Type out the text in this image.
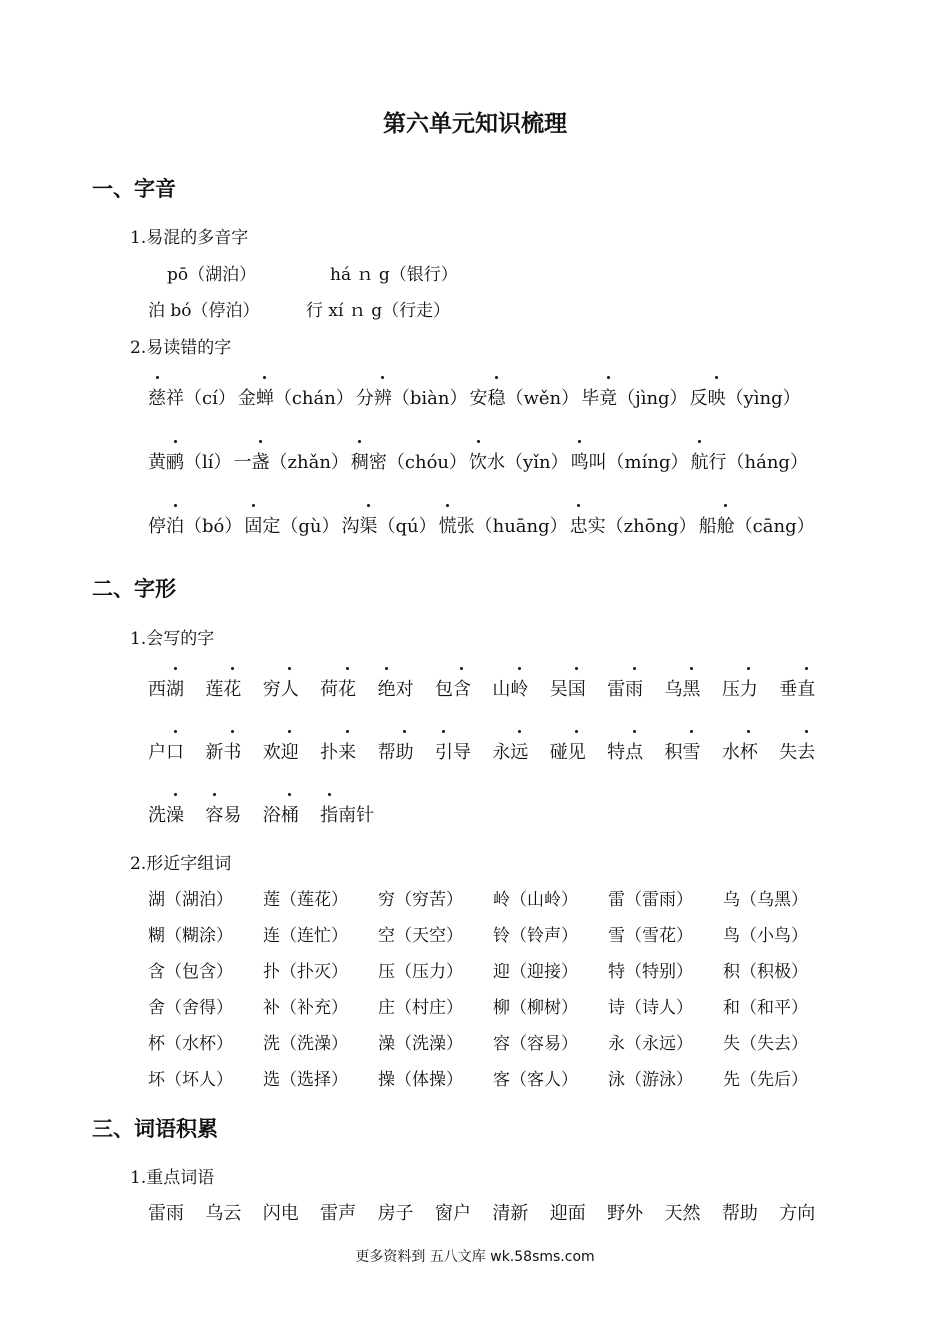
第六单元知识梳理
一、字音
1.易混的多音字
pō（湖泊）	há ｎ g（银行）
泊 bó（停泊）	行 xí ｎ g（行走）
2.易读错的字
慈祥（cí） 金蝉（chán） 分辨（biàn） 安稳（wěn）毕竟（jìng）反映（yìng）
黄鹂（lí）一盏（zhǎn） 稠密（chóu） 饮水（yǐn） 鸣叫（míng） 航行（háng）
停泊（bó） 固定（gù） 沟渠（qú） 慌张（huāng） 忠实（zhōng） 船舱（cāng）
二、字形
1.会写的字
西湖 莲花 穷人 荷花 绝对 包含 山岭 吴国 雷雨 乌黑 压力 垂直
户口 新书 欢迎 扑来 帮助 引导 永远 碰见 特点 积雪 水杯 失去
洗澡 容易 浴桶 指南针
2.形近字组词
湖（湖泊） 莲（莲花） 穷（穷苦） 岭（山岭） 雷（雷雨） 乌（乌黑）
糊（糊涂） 连（连忙） 空（天空） 铃（铃声） 雪（雪花） 鸟（小鸟）
含（包含） 扑（扑灭） 压（压力） 迎（迎接） 特（特别） 积（积极）
舍（舍得） 补（补充） 庄（村庄） 柳（柳树） 诗（诗人） 和（和平）
杯（水杯） 洗（洗澡） 澡（洗澡） 容（容易） 永（永远） 失（失去）
坏（坏人） 选（选择） 操（体操） 客（客人） 泳（游泳） 先（先后）
三、词语积累
1.重点词语
雷雨 乌云 闪电 雷声 房子 窗户 清新 迎面 野外 天然 帮助 方向
更多资料到 五八文库 wk.58sms.com
